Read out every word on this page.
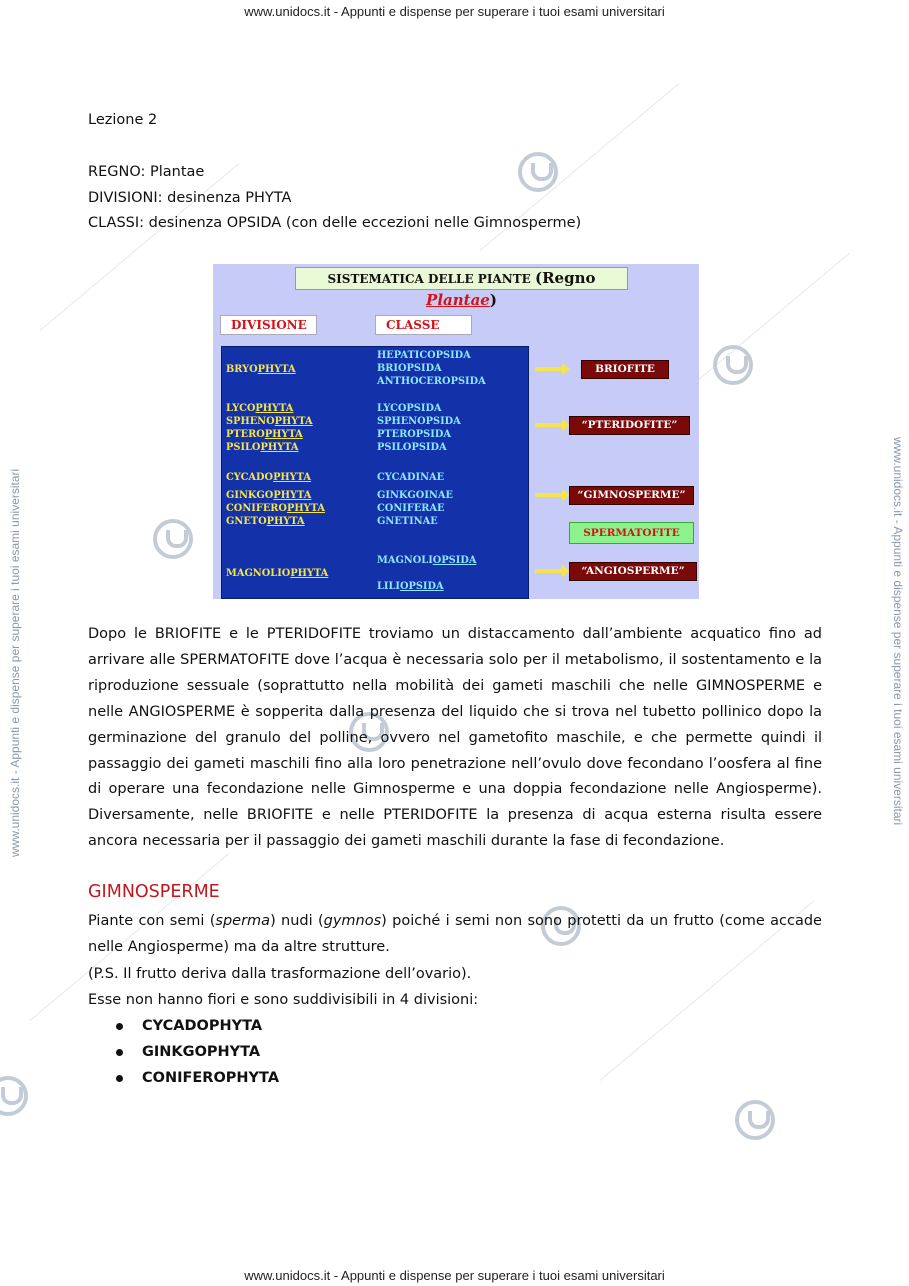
www.unidocs.it - Appunti e dispense per superare i tuoi esami universitari
www.unidocs.it - Appunti e dispense per superare i tuoi esami universitari
www.unidocs.it - Appunti e dispense per superare i tuoi esami universitari	www.unidocs.it - Appunti e dispense per superare i tuoi esami universitari
Lezione 2
REGNO: Plantae
DIVISIONI: desinenza PHYTA
CLASSI: desinenza OPSIDA (con delle eccezioni nelle Gimnosperme)
SISTEMATICA DELLE PIANTE (Regno Plantae)
DIVISIONE	CLASSE
BRYOPHYTA
LYCOPHYTA
SPHENOPHYTA
PTEROPHYTA
PSILOPHYTA
CYCADOPHYTA
GINKGOPHYTA
CONIFEROPHYTA
GNETOPHYTA
MAGNOLIOPHYTA
HEPATICOPSIDA
BRIOPSIDA
ANTHOCEROPSIDA
LYCOPSIDA
SPHENOPSIDA
PTEROPSIDA
PSILOPSIDA
CYCADINAE
GINKGOINAE
CONIFERAE
GNETINAE
MAGNOLIOPSIDA
LILIOPSIDA
BRIOFITE
“PTERIDOFITE”
“GIMNOSPERME”
SPERMATOFITE
“ANGIOSPERME”
Dopo le BRIOFITE e le PTERIDOFITE troviamo un distaccamento dall’ambiente acquatico fino ad arrivare alle SPERMATOFITE dove l’acqua è necessaria solo per il metabolismo, il sostentamento e la riproduzione sessuale (soprattutto nella mobilità dei gameti maschili che nelle GIMNOSPERME e nelle ANGIOSPERME è sopperita dalla presenza del liquido che si trova nel tubetto pollinico dopo la germinazione del granulo del polline, ovvero nel gametofito maschile, e che permette quindi il passaggio dei gameti maschili fino alla loro penetrazione nell’ovulo dove fecondano l’oosfera al fine di operare una fecondazione nelle Gimnosperme e una doppia fecondazione nelle Angiosperme). Diversamente, nelle BRIOFITE e nelle PTERIDOFITE la presenza di acqua esterna risulta essere ancora necessaria per il passaggio dei gameti maschili durante la fase di fecondazione.
GIMNOSPERME
Piante con semi (sperma) nudi (gymnos) poiché i semi non sono protetti da un frutto (come accade nelle Angiosperme) ma da altre strutture.
(P.S. Il frutto deriva dalla trasformazione dell’ovario).
Esse non hanno fiori e sono suddivisibili in 4 divisioni:
CYCADOPHYTA
GINKGOPHYTA
CONIFEROPHYTA
